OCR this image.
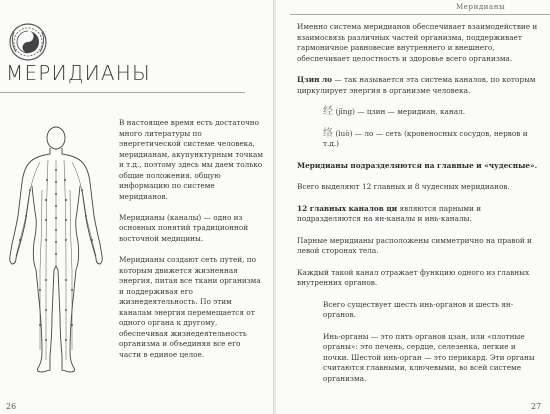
МЕРИДИАНЫ

В настоящее время есть достаточно много литературы по энергетической системе человека, меридианам, акупунктурным точкам и т.д., поэтому здесь мы даем только общие положения, общую информацию по системе меридианов.

Меридианы (каналы) — одно из основных понятий традиционной восточной медицины.

Меридианы создают сеть путей, по которым движется жизненная энергия, питая все ткани организма и поддерживая его жизнедеятельность. По этим каналам энергия перемещается от одного органа к другому, обеспечивая жизнедеятельность организма и объединяя все его части в единое целое.

26
Меридианы

Именно система меридианов обеспечивает взаимодействие и взаимосвязь различных частей организма, поддерживает гармоничное равновесие внутреннего и внешнего, обеспечивает целостность и здоровье всего организма.

Цзин ло — так называется эта система каналов, по которым циркулирует энергия в организме человека.

经 (jīng) — цзин — меридиан, канал.

络 (luò) — ло — сеть (кровеносных сосудов, нервов и т.д.)

Меридианы подразделяются на главные и «чудесные».

Всего выделяют 12 главных и 8 чудесных меридианов.

12 главных каналов ци являются парными и подразделяются на ян-каналы и инь-каналы.

Парные меридианы расположены симметрично на правой и левой сторонах тела.

Каждый такой канал отражает функцию одного из главных внутренних органов.

Всего существует шесть инь-органов и шесть ян-органов.

Инь-органы — это пять органов цзан, или «плотные органы»: это печень, сердце, селезенка, легкие и почки. Шестой инь-орган — это перикард. Эти органы считаются главными, ключевыми, во всей системе организма.

27
